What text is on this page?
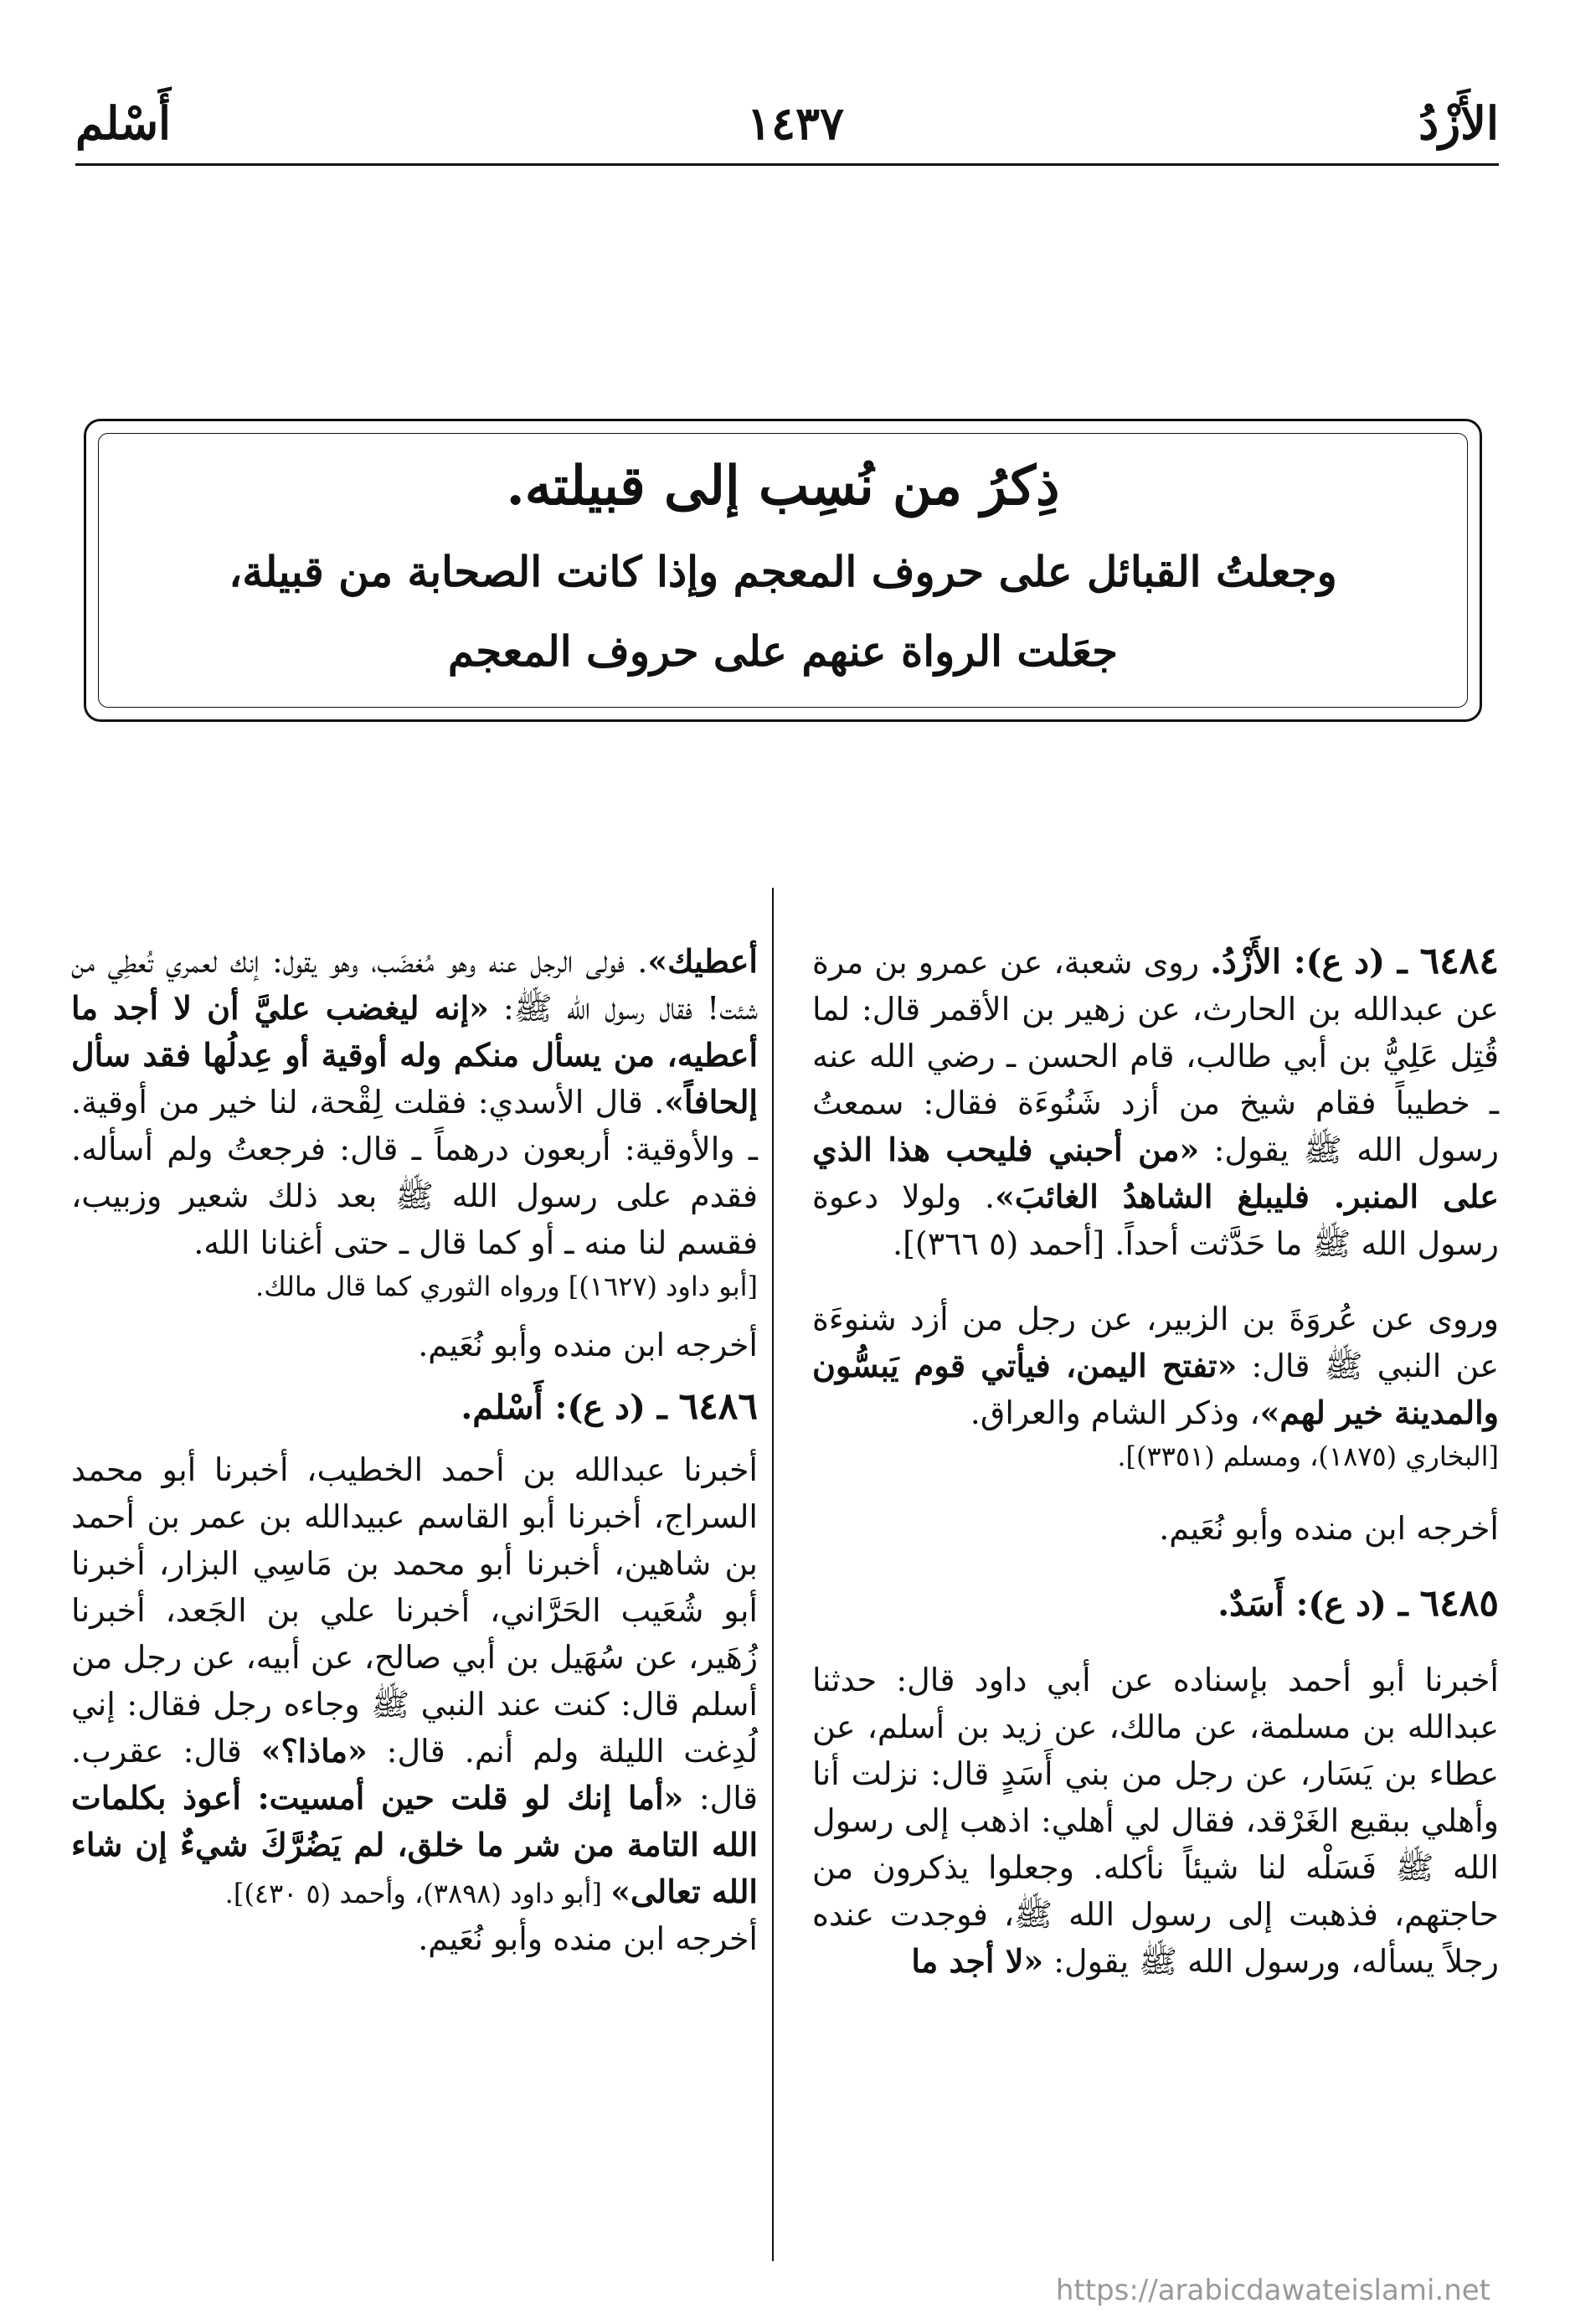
الأَزْدُ
١٤٣٧
أَسْلم
ذِكرُ من نُسِب إلى قبيلته.
وجعلتُ القبائل على حروف المعجم وإذا كانت الصحابة من قبيلة،
جعَلت الرواة عنهم على حروف المعجم

٦٤٨٤ ـ (د ع): الأَزْدُ. روى شعبة، عن عمرو بن مرة عن عبدالله بن الحارث، عن زهير بن الأقمر قال: لما قُتِل عَلِيُّ بن أبي طالب، قام الحسن ـ رضي الله عنه ـ خطيباً فقام شيخ من أزد شَنُوءَة فقال: سمعتُ رسول الله ﷺ يقول: «من أحبني فليحب هذا الذي على المنبر. فليبلغ الشاهدُ الغائبَ». ولولا دعوة رسول الله ﷺ ما حَدَّثت أحداً. [أحمد (٥ ٣٦٦)].

وروى عن عُروَةَ بن الزبير، عن رجل من أزد شنوءَة عن النبي ﷺ قال: «تفتح اليمن، فيأتي قوم يَبسُّون والمدينة خير لهم»، وذكر الشام والعراق.

[البخاري (١٨٧٥)، ومسلم (٣٣٥١)].

أخرجه ابن منده وأبو نُعَيم.

٦٤٨٥ ـ (د ع): أَسَدٌ.

أخبرنا أبو أحمد بإسناده عن أبي داود قال: حدثنا عبدالله بن مسلمة، عن مالك، عن زيد بن أسلم، عن عطاء بن يَسَار، عن رجل من بني أَسَدٍ قال: نزلت أنا وأهلي ببقيع الغَرْقد، فقال لي أهلي: اذهب إلى رسول الله ﷺ فَسَلْه لنا شيئاً نأكله. وجعلوا يذكرون من حاجتهم، فذهبت إلى رسول الله ﷺ، فوجدت عنده رجلاً يسأله، ورسول الله ﷺ يقول: «لا أجد ما

أعطيك». فولى الرجل عنه وهو مُغضَب، وهو يقول: إنك لعمري تُعطِي من شئت! فقال رسول الله ﷺ: «إنه ليغضب عليَّ أن لا أجد ما أعطيه، من يسأل منكم وله أوقية أو عِدلُها فقد سأل إلحافاً». قال الأسدي: فقلت لِقْحة، لنا خير من أوقية. ـ والأوقية: أربعون درهماً ـ قال: فرجعتُ ولم أسأله. فقدم على رسول الله ﷺ بعد ذلك شعير وزبيب، فقسم لنا منه ـ أو كما قال ـ حتى أغنانا الله.

[أبو داود (١٦٢٧)] ورواه الثوري كما قال مالك.

أخرجه ابن منده وأبو نُعَيم.

٦٤٨٦ ـ (د ع): أَسْلم.

أخبرنا عبدالله بن أحمد الخطيب، أخبرنا أبو محمد السراج، أخبرنا أبو القاسم عبيدالله بن عمر بن أحمد بن شاهين، أخبرنا أبو محمد بن مَاسِي البزار، أخبرنا أبو شُعَيب الحَرَّاني، أخبرنا علي بن الجَعد، أخبرنا زُهَير، عن سُهَيل بن أبي صالح، عن أبيه، عن رجل من أسلم قال: كنت عند النبي ﷺ وجاءه رجل فقال: إني لُدِغت الليلة ولم أنم. قال: «ماذا؟» قال: عقرب. قال: «أما إنك لو قلت حين أمسيت: أعوذ بكلمات الله التامة من شر ما خلق، لم يَضُرَّكَ شيءٌ إن شاء الله تعالى» [أبو داود (٣٨٩٨)، وأحمد (٥ ٤٣٠)].

أخرجه ابن منده وأبو نُعَيم.

https://arabicdawateislami.net
